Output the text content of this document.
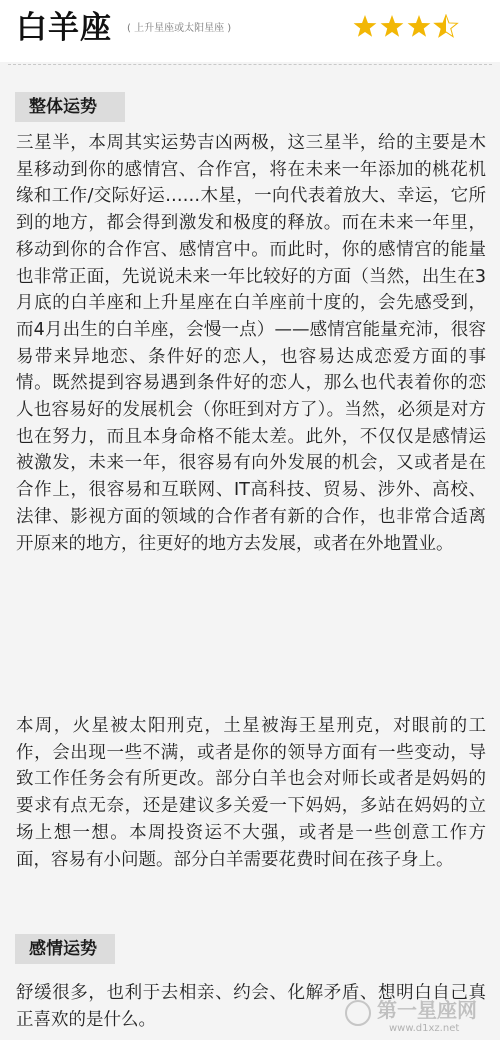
白羊座 ( 上升星座或太阳星座 )
整体运势

三星半，本周其实运势吉凶两极，这三星半，给的主要是木星移动到你的感情宫、合作宫，将在未来一年添加的桃花机缘和工作/交际好运……木星，一向代表着放大、幸运，它所到的地方，都会得到激发和极度的释放。而在未来一年里，移动到你的合作宫、感情宫中。而此时，你的感情宫的能量也非常正面，先说说未来一年比较好的方面（当然，出生在3月底的白羊座和上升星座在白羊座前十度的，会先感受到，而4月出生的白羊座，会慢一点）——感情宫能量充沛，很容易带来异地恋、条件好的恋人，也容易达成恋爱方面的事情。既然提到容易遇到条件好的恋人，那么也代表着你的恋人也容易好的发展机会（你旺到对方了）。当然，必须是对方也在努力，而且本身命格不能太差。此外，不仅仅是感情运被激发，未来一年，很容易有向外发展的机会，又或者是在合作上，很容易和互联网、IT高科技、贸易、涉外、高校、法律、影视方面的领域的合作者有新的合作，也非常合适离开原来的地方，往更好的地方去发展，或者在外地置业。

本周，火星被太阳刑克，土星被海王星刑克，对眼前的工作，会出现一些不满，或者是你的领导方面有一些变动，导致工作任务会有所更改。部分白羊也会对师长或者是妈妈的要求有点无奈，还是建议多关爱一下妈妈，多站在妈妈的立场上想一想。本周投资运不大强，或者是一些创意工作方面，容易有小问题。部分白羊需要花费时间在孩子身上。

感情运势

舒缓很多，也利于去相亲、约会、化解矛盾、想明白自己真正喜欢的是什么。	第一星座网
www.d1xz.net
